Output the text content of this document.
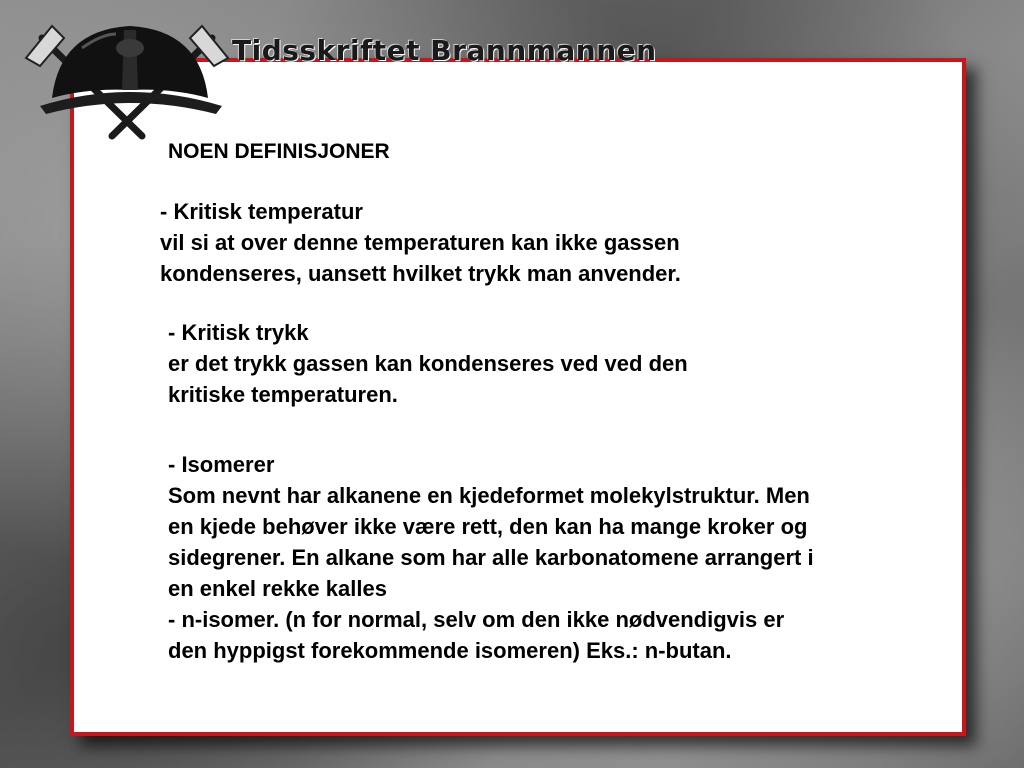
Tidsskriftet Brannmannen
NOEN DEFINISJONER
- Kritisk temperatur
vil si at over denne temperaturen kan ikke gassen
kondenseres, uansett hvilket trykk man anvender.
- Kritisk trykk
er det trykk gassen kan kondenseres ved ved den
kritiske temperaturen.
- Isomerer
Som nevnt har alkanene en kjedeformet molekylstruktur. Men
en kjede behøver ikke være rett, den kan ha mange kroker og
sidegrener. En alkane som har alle karbonatomene arrangert i
en enkel rekke kalles
- n-isomer. (n for normal, selv om den ikke nødvendigvis er
den hyppigst forekommende isomeren) Eks.: n-butan.
